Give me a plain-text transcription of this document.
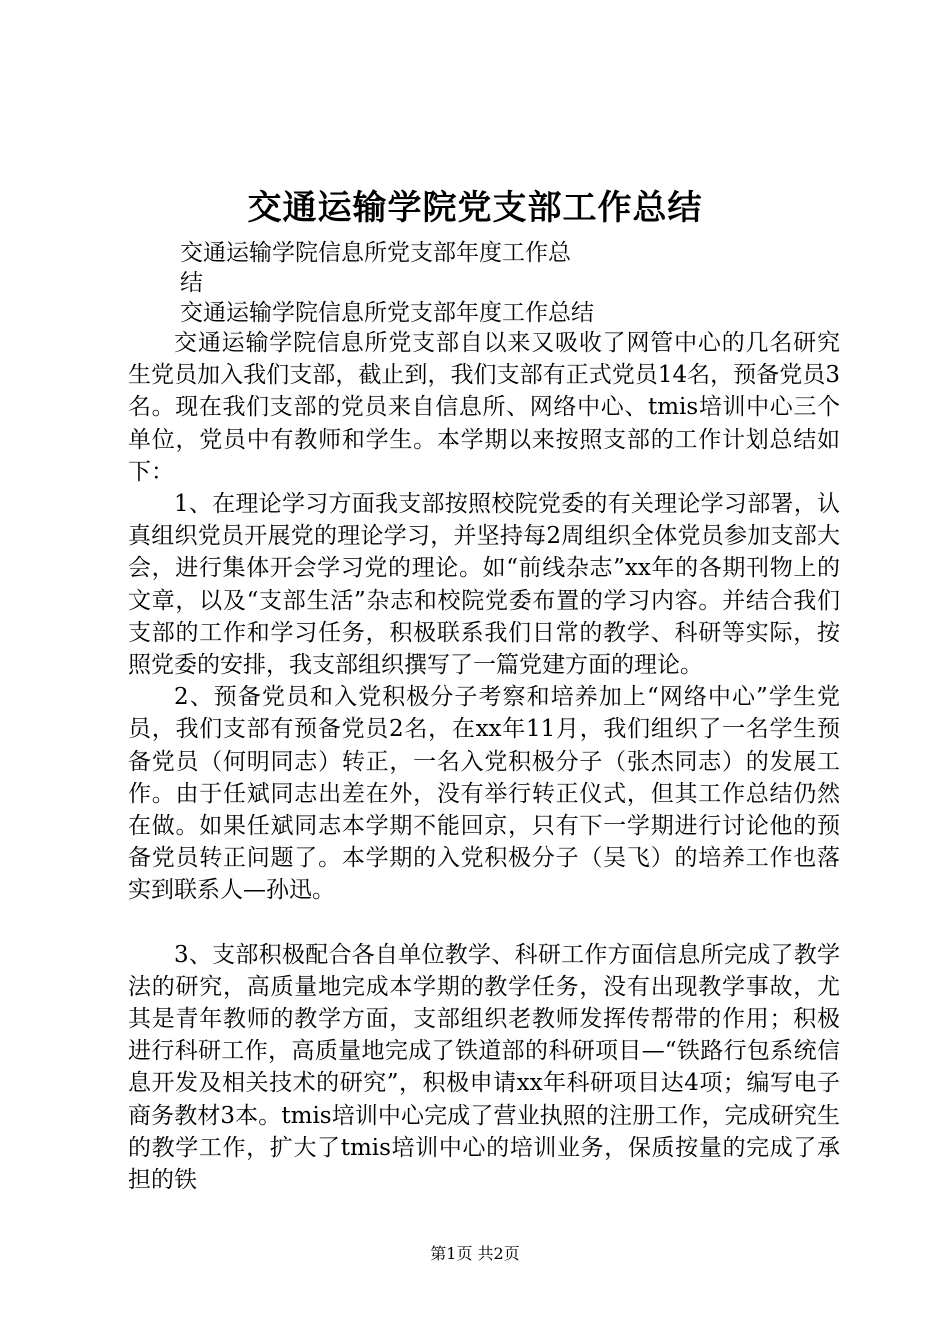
交通运输学院党支部工作总结
交通运输学院信息所党支部年度工作总
结
交通运输学院信息所党支部年度工作总结

交通运输学院信息所党支部自以来又吸收了网管中心的几名研究生党员加入我们支部，截止到，我们支部有正式党员14名，预备党员3名。现在我们支部的党员来自信息所、网络中心、tmis培训中心三个单位，党员中有教师和学生。本学期以来按照支部的工作计划总结如下：

1、在理论学习方面我支部按照校院党委的有关理论学习部署，认真组织党员开展党的理论学习，并坚持每2周组织全体党员参加支部大会，进行集体开会学习党的理论。如“前线杂志”xx年的各期刊物上的文章，以及“支部生活”杂志和校院党委布置的学习内容。并结合我们支部的工作和学习任务，积极联系我们日常的教学、科研等实际，按照党委的安排，我支部组织撰写了一篇党建方面的理论。

2、预备党员和入党积极分子考察和培养加上“网络中心”学生党员，我们支部有预备党员2名，在xx年11月，我们组织了一名学生预备党员（何明同志）转正，一名入党积极分子（张杰同志）的发展工作。由于任斌同志出差在外，没有举行转正仪式，但其工作总结仍然在做。如果任斌同志本学期不能回京，只有下一学期进行讨论他的预备党员转正问题了。本学期的入党积极分子（吴飞）的培养工作也落实到联系人—孙迅。

3、支部积极配合各自单位教学、科研工作方面信息所完成了教学法的研究，高质量地完成本学期的教学任务，没有出现教学事故，尤其是青年教师的教学方面，支部组织老教师发挥传帮带的作用；积极进行科研工作，高质量地完成了铁道部的科研项目—“铁路行包系统信息开发及相关技术的研究”，积极申请xx年科研项目达4项；编写电子商务教材3本。tmis培训中心完成了营业执照的注册工作，完成研究生的教学工作，扩大了tmis培训中心的培训业务，保质按量的完成了承担的铁

第1页 共2页
